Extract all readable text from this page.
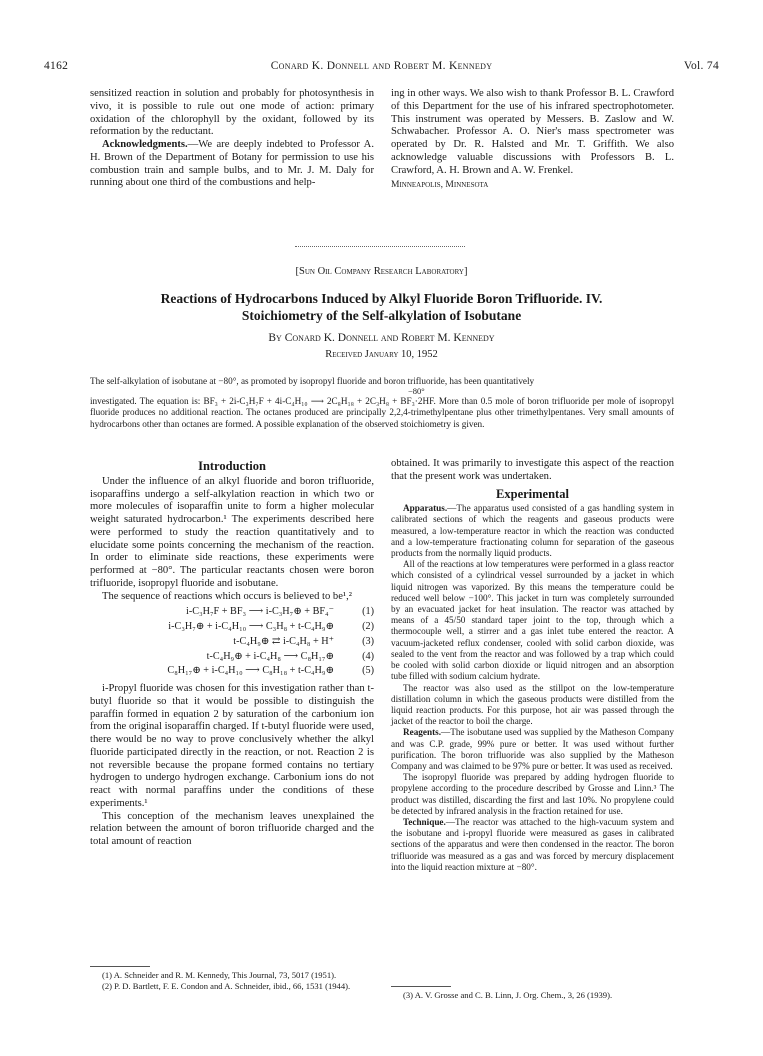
4162	Conard K. Donnell and Robert M. Kennedy	Vol. 74

sensitized reaction in solution and probably for photosynthesis in vivo, it is possible to rule out one mode of action: primary oxidation of the chlorophyll by the oxidant, followed by its reformation by the reductant.

Acknowledgments.—We are deeply indebted to Professor A. H. Brown of the Department of Botany for permission to use his combustion train and sample bulbs, and to Mr. J. M. Daly for running about one third of the combustions and help-

ing in other ways. We also wish to thank Professor B. L. Crawford of this Department for the use of his infrared spectrophotometer. This instrument was operated by Messers. B. Zaslow and W. Schwabacher. Professor A. O. Nier's mass spectrometer was operated by Dr. R. Halsted and Mr. T. Griffith. We also acknowledge valuable discussions with Professors B. L. Crawford, A. H. Brown and A. W. Frenkel.

Minneapolis, Minnesota

[Sun Oil Company Research Laboratory]
Reactions of Hydrocarbons Induced by Alkyl Fluoride Boron Trifluoride. IV.
Stoichiometry of the Self-alkylation of Isobutane
By Conard K. Donnell and Robert M. Kennedy
Received January 10, 1952

The self-alkylation of isobutane at −80°, as promoted by isopropyl fluoride and boron trifluoride, has been quantitatively

−80°

investigated. The equation is: BF₃ + 2i-C₃H₇F + 4i-C₄H₁₀ ⟶ 2C₈H₁₈ + 2C₃H₈ + BF₃·2HF. More than 0.5 mole of boron trifluoride per mole of isopropyl fluoride produces no additional reaction. The octanes produced are principally 2,2,4-trimethylpentane plus other trimethylpentanes. Very small amounts of hydrocarbons other than octanes are formed. A possible explanation of the observed stoichiometry is given.

Introduction

Under the influence of an alkyl fluoride and boron trifluoride, isoparaffins undergo a self-alkylation reaction in which two or more molecules of isoparaffin unite to form a higher molecular weight saturated hydrocarbon.¹ The experiments described here were performed to study the reaction quantitatively and to elucidate some points concerning the mechanism of the reaction. In order to eliminate side reactions, these experiments were performed at −80°. The particular reactants chosen were boron trifluoride, isopropyl fluoride and isobutane.

The sequence of reactions which occurs is believed to be¹,²

i-C₃H₇F + BF₃ ⟶ i-C₃H₇⊕ + BF₄⁻	(1)
i-C₃H₇⊕ + i-C₄H₁₀ ⟶ C₃H₈ + t-C₄H₉⊕	(2)
t-C₄H₉⊕ ⇄ i-C₄H₈ + H⁺	(3)
t-C₄H₉⊕ + i-C₄H₈ ⟶ C₈H₁₇⊕	(4)
C₈H₁₇⊕ + i-C₄H₁₀ ⟶ C₈H₁₈ + t-C₄H₉⊕	(5)

i-Propyl fluoride was chosen for this investigation rather than t-butyl fluoride so that it would be possible to distinguish the paraffin formed in equation 2 by saturation of the carbonium ion from the original isoparaffin charged. If t-butyl fluoride were used, there would be no way to prove conclusively whether the alkyl fluoride participated directly in the reaction, or not. Reaction 2 is not reversible because the propane formed contains no tertiary hydrogen to undergo hydrogen exchange. Carbonium ions do not react with normal paraffins under the conditions of these experiments.¹

This conception of the mechanism leaves unexplained the relation between the amount of boron trifluoride charged and the total amount of reaction

(1) A. Schneider and R. M. Kennedy, This Journal, 73, 5017 (1951).

(2) P. D. Bartlett, F. E. Condon and A. Schneider, ibid., 66, 1531 (1944).

obtained. It was primarily to investigate this aspect of the reaction that the present work was undertaken.

Experimental

Apparatus.—The apparatus used consisted of a gas handling system in calibrated sections of which the reagents and gaseous products were measured, a low-temperature reactor in which the reaction was conducted and a low-temperature fractionating column for separation of the gaseous products from the normally liquid products.

All of the reactions at low temperatures were performed in a glass reactor which consisted of a cylindrical vessel surrounded by a jacket in which liquid nitrogen was vaporized. By this means the temperature could be reduced well below −100°. This jacket in turn was completely surrounded by an evacuated jacket for heat insulation. The reactor was attached by means of a 45/50 standard taper joint to the top, through which a thermocouple well, a stirrer and a gas inlet tube entered the reactor. A vacuum-jacketed reflux condenser, cooled with solid carbon dioxide, was sealed to the vent from the reactor and was followed by a trap which could be cooled with solid carbon dioxide or liquid nitrogen and an absorption tube filled with sodium calcium hydrate.

The reactor was also used as the stillpot on the low-temperature distillation column in which the gaseous products were distilled from the liquid reaction products. For this purpose, hot air was passed through the jacket of the reactor to boil the charge.

Reagents.—The isobutane used was supplied by the Matheson Company and was C.P. grade, 99% pure or better. It was used without further purification. The boron trifluoride was also supplied by the Matheson Company and was claimed to be 97% pure or better. It was used as received.

The isopropyl fluoride was prepared by adding hydrogen fluoride to propylene according to the procedure described by Grosse and Linn.³ The product was distilled, discarding the first and last 10%. No propylene could be detected by infrared analysis in the fraction retained for use.

Technique.—The reactor was attached to the high-vacuum system and the isobutane and i-propyl fluoride were measured as gases in calibrated sections of the apparatus and were then condensed in the reactor. The boron trifluoride was measured as a gas and was forced by mercury displacement into the liquid reaction mixture at −80°.

(3) A. V. Grosse and C. B. Linn, J. Org. Chem., 3, 26 (1939).
